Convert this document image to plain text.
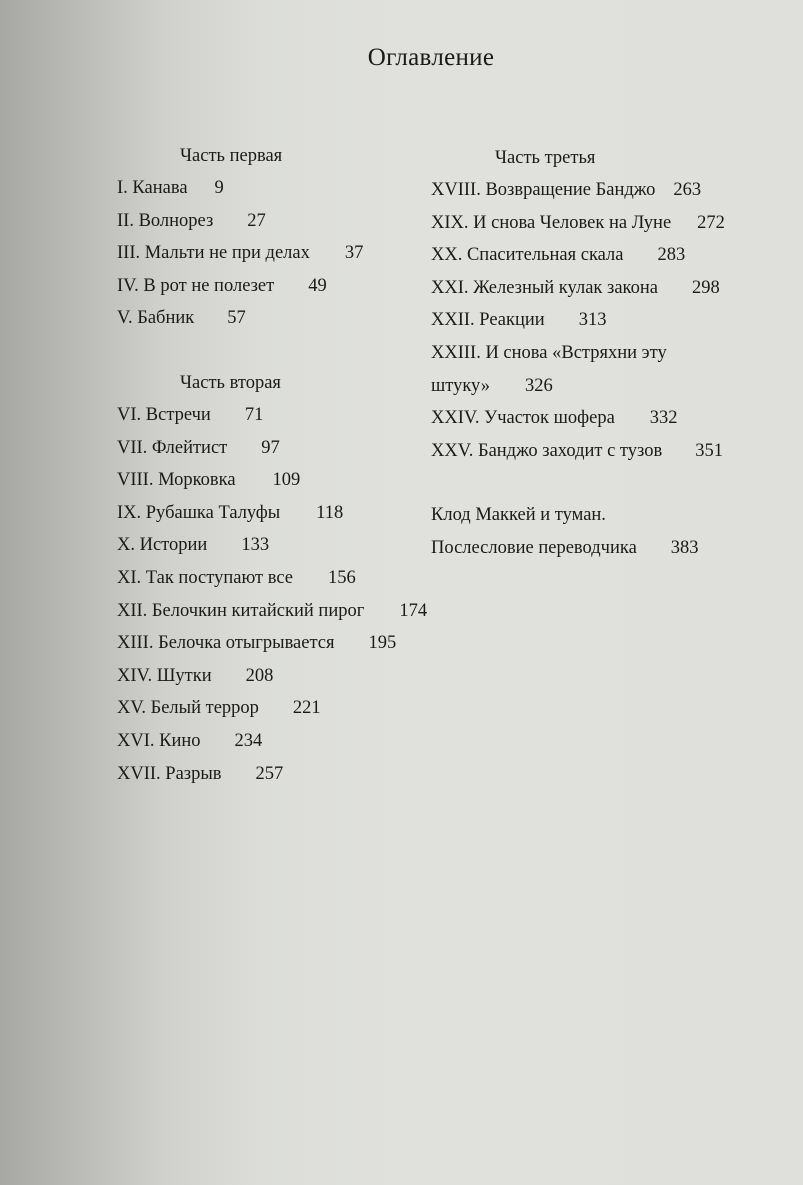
Оглавление
Часть первая
I. Канава 9
II. Волнорез 27
III. Мальти не при делах 37
IV. В рот не полезет 49
V. Бабник 57
Часть вторая
VI. Встречи 71
VII. Флейтист 97
VIII. Морковка 109
IX. Рубашка Талуфы 118
X. Истории 133
XI. Так поступают все 156
XII. Белочкин китайский пирог 174
XIII. Белочка отыгрывается 195
XIV. Шутки 208
XV. Белый террор 221
XVI. Кино 234
XVII. Разрыв 257
Часть третья
XVIII. Возвращение Банджо 263
XIX. И снова Человек на Луне 272
XX. Спасительная скала 283
XXI. Железный кулак закона 298
XXII. Реакции 313
XXIII. И снова «Встряхни эту
штуку» 326
XXIV. Участок шофера 332
XXV. Банджо заходит с тузов 351
Клод Маккей и туман.
Послесловие переводчика 383
